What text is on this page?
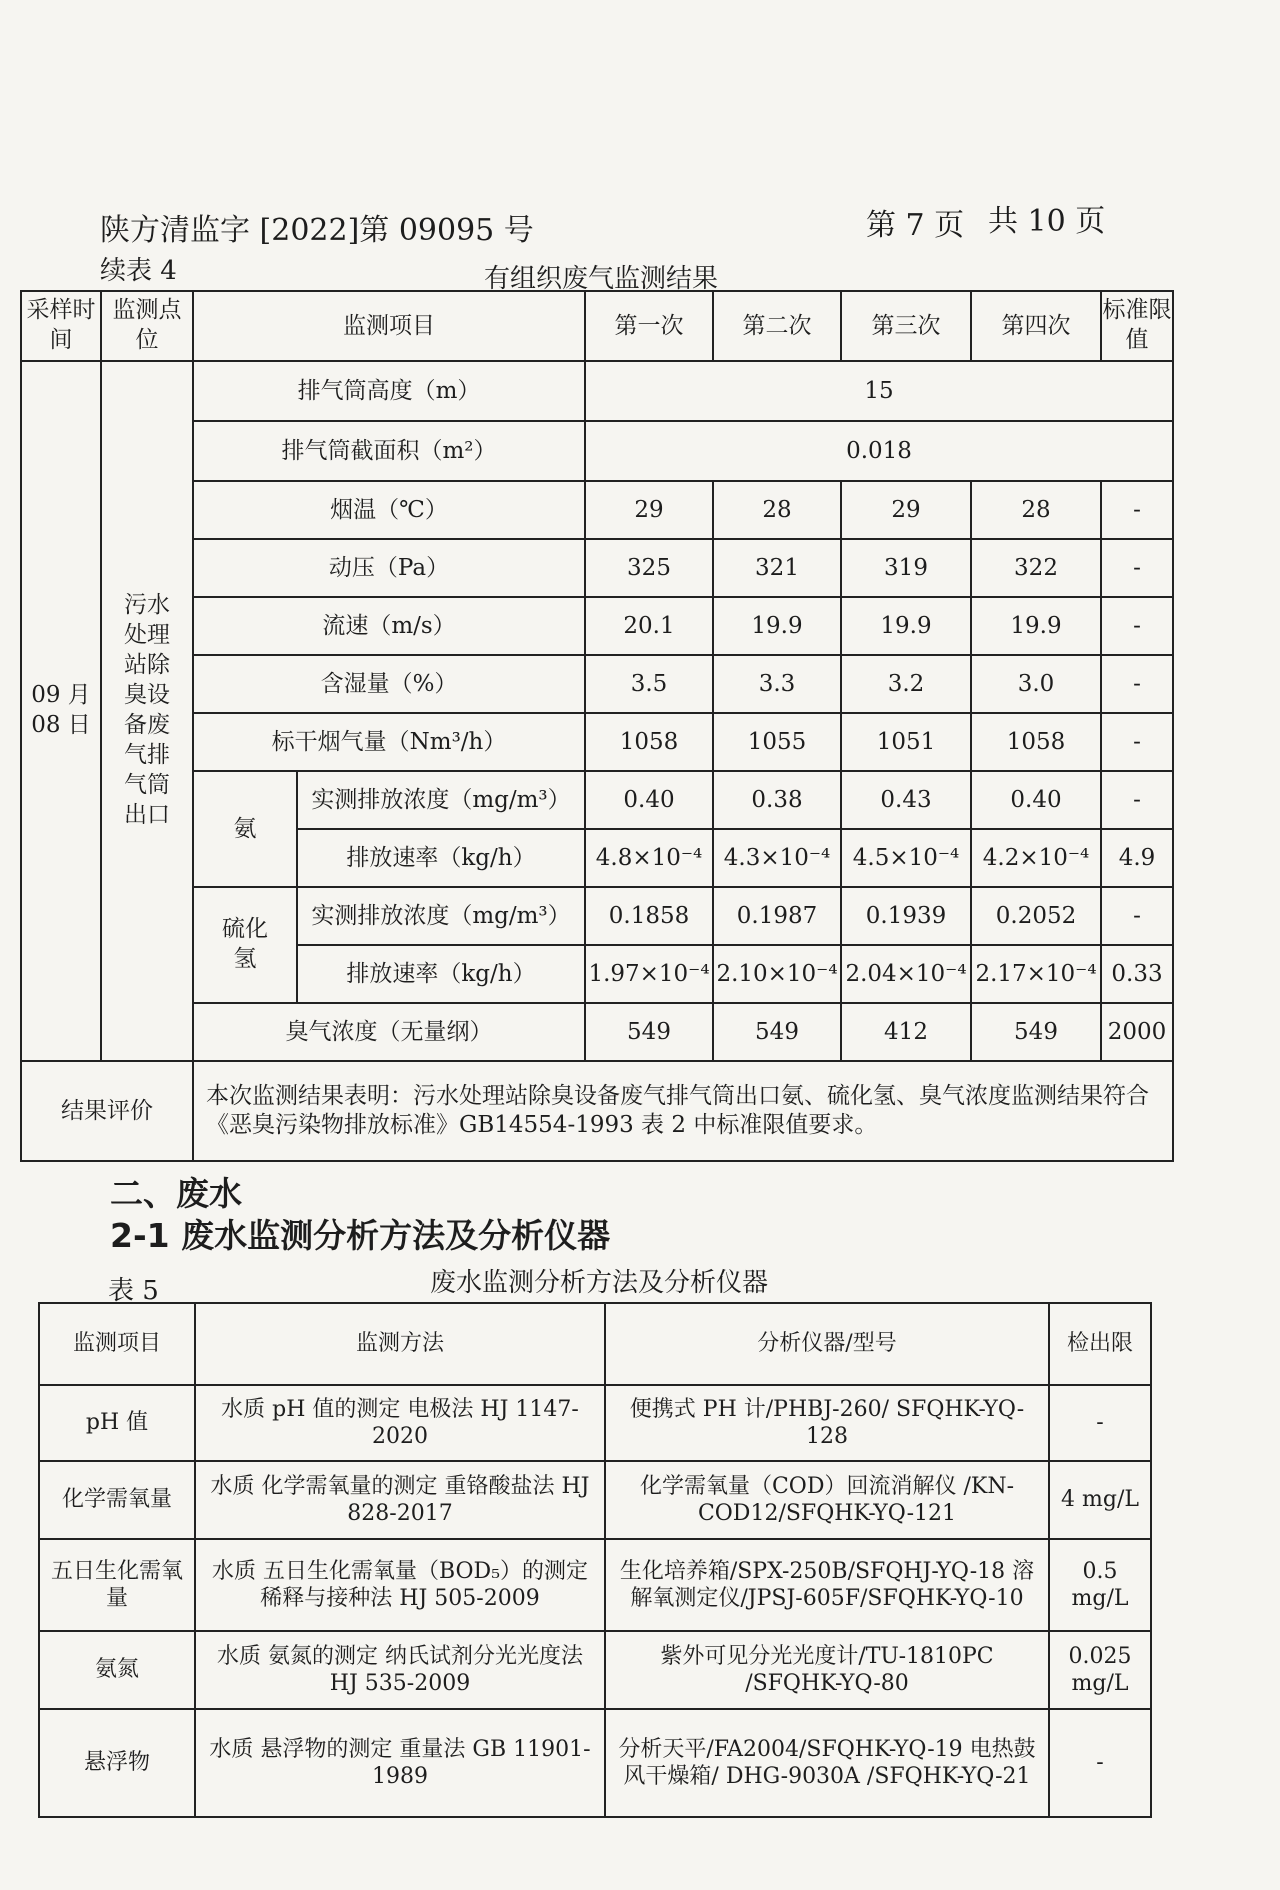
陕方清监字 [2022]第 09095 号	第 7 页 共 10 页
续表 4	有组织废气监测结果
采样时间	监测点位	监测项目		第一次	第二次	第三次	第四次	标准限值
09 月 08 日	污水处理站除臭设备废气排气筒出口	排气筒高度（m）		15				
		排气筒截面积（m²）		0.018				
		烟温（℃）		29	28	29	28	-
		动压（Pa）		325	321	319	322	-
		流速（m/s）		20.1	19.9	19.9	19.9	-
		含湿量（%）		3.5	3.3	3.2	3.0	-
		标干烟气量（Nm³/h）		1058	1055	1051	1058	-
		氨	实测排放浓度（mg/m³）	0.40	0.38	0.43	0.40	-
			排放速率（kg/h）	4.8×10⁻⁴	4.3×10⁻⁴	4.5×10⁻⁴	4.2×10⁻⁴	4.9
		硫化氢	实测排放浓度（mg/m³）	0.1858	0.1987	0.1939	0.2052	-
			排放速率（kg/h）	1.97×10⁻⁴	2.10×10⁻⁴	2.04×10⁻⁴	2.17×10⁻⁴	0.33
		臭气浓度（无量纲）		549	549	412	549	2000
结果评价		本次监测结果表明：污水处理站除臭设备废气排气筒出口氨、硫化氢、臭气浓度监测结果符合《恶臭污染物排放标准》GB14554-1993 表 2 中标准限值要求。						
二、废水
2-1 废水监测分析方法及分析仪器
表 5	废水监测分析方法及分析仪器
监测项目	监测方法	分析仪器/型号	检出限
pH 值	水质 pH 值的测定 电极法 HJ 1147-2020	便携式 PH 计/PHBJ-260/ SFQHK-YQ-128	-
化学需氧量	水质 化学需氧量的测定 重铬酸盐法 HJ 828-2017	化学需氧量（COD）回流消解仪 /KN-COD12/SFQHK-YQ-121	4 mg/L
五日生化需氧量	水质 五日生化需氧量（BOD₅）的测定稀释与接种法 HJ 505-2009	生化培养箱/SPX-250B/SFQHJ-YQ-18 溶解氧测定仪/JPSJ-605F/SFQHK-YQ-10	0.5 mg/L
氨氮	水质 氨氮的测定 纳氏试剂分光光度法 HJ 535-2009	紫外可见分光光度计/TU-1810PC /SFQHK-YQ-80	0.025 mg/L
悬浮物	水质 悬浮物的测定 重量法 GB 11901-1989	分析天平/FA2004/SFQHK-YQ-19 电热鼓风干燥箱/ DHG-9030A /SFQHK-YQ-21	-
